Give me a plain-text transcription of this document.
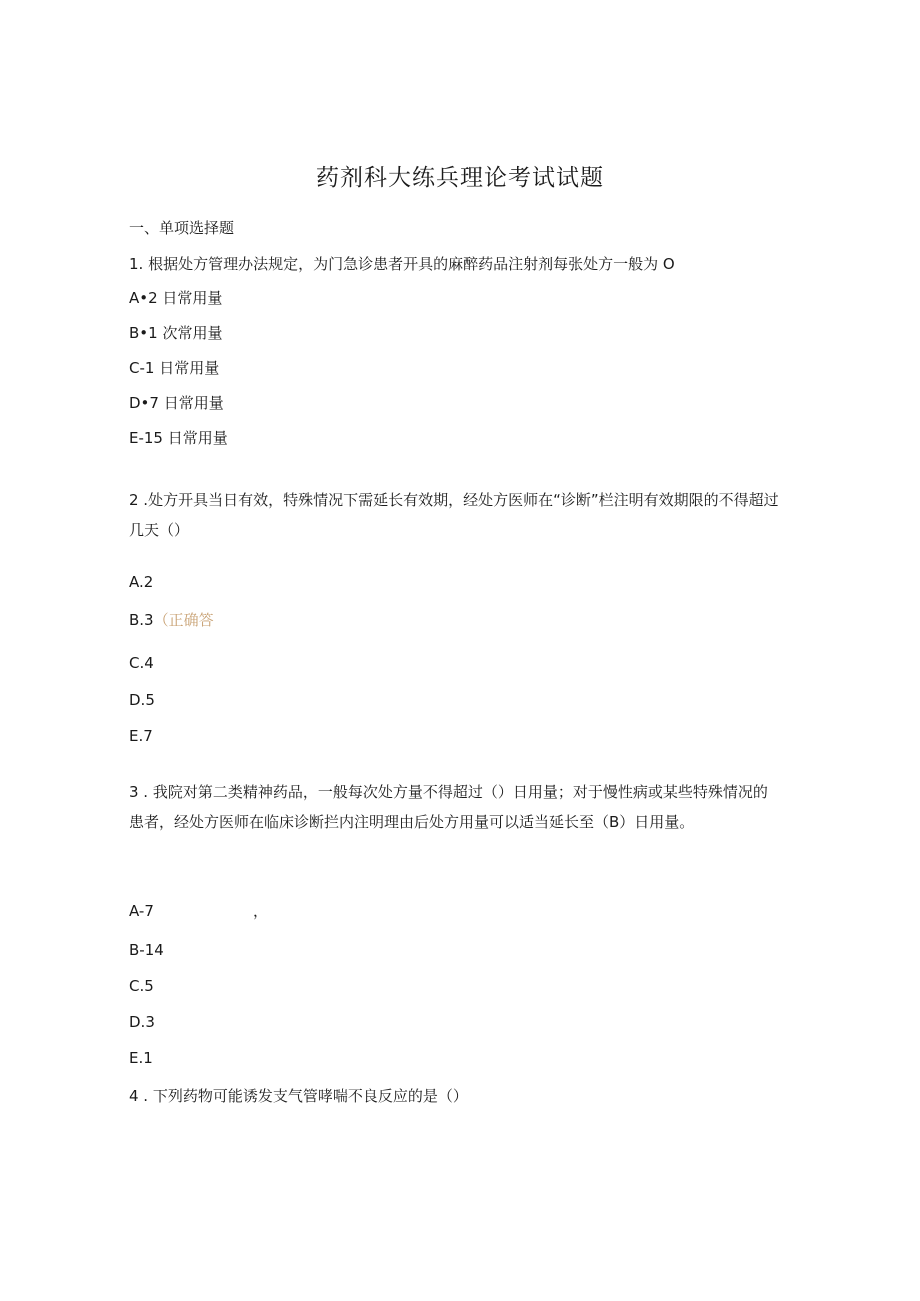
药剂科大练兵理论考试试题
一、单项选择题
1. 根据处方管理办法规定，为门急诊患者开具的麻醉药品注射剂每张处方一般为 O
A•2 日常用量
B•1 次常用量
C-1 日常用量
D•7 日常用量
E-15 日常用量
2 .处方开具当日有效，特殊情况下需延长有效期，经处方医师在“诊断”栏注明有效期限的不得超过几天（）
A.2
B.3（正确答
C.4
D.5
E.7
3 . 我院对第二类精神药品，一般每次处方量不得超过（）日用量；对于慢性病或某些特殊情况的患者，经处方医师在临床诊断拦内注明理由后处方用量可以适当延长至（B）日用量。
A-7	，
B-14
C.5
D.3
E.1
4 . 下列药物可能诱发支气管哮喘不良反应的是（）
